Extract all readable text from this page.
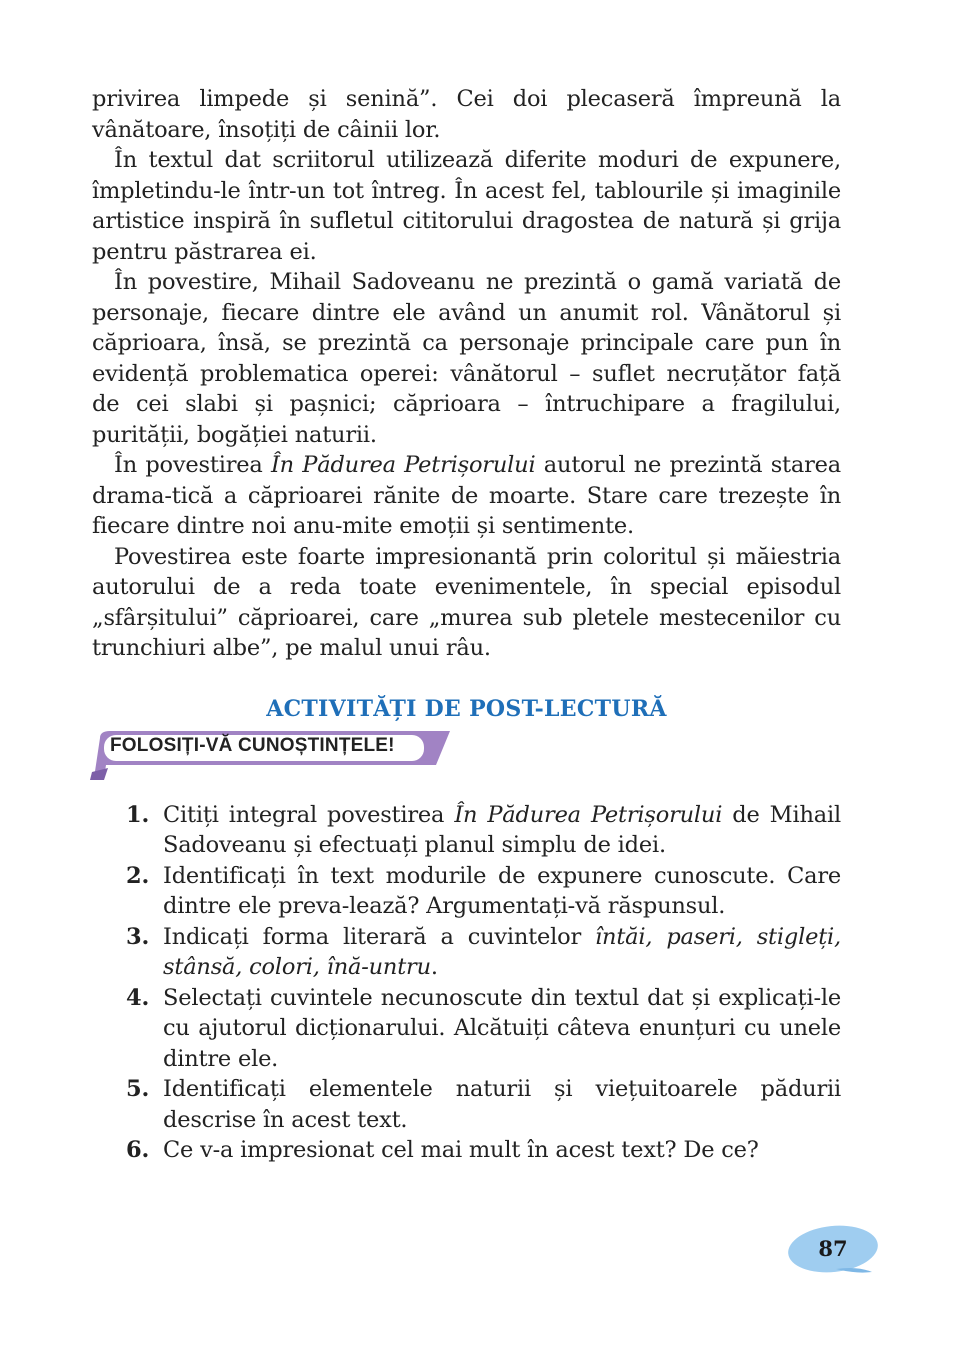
privirea limpede și senină”. Cei doi plecaseră împreună la vânătoare, însoțiți de câinii lor.

În textul dat scriitorul utilizează diferite moduri de expunere, împletindu-le într-un tot întreg. În acest fel, tablourile și imaginile artistice inspiră în sufletul cititorului dragostea de natură și grija pentru păstrarea ei.

În povestire, Mihail Sadoveanu ne prezintă o gamă variată de personaje, fiecare dintre ele având un anumit rol. Vânătorul și căprioara, însă, se prezintă ca personaje principale care pun în evidență problematica operei: vânătorul – suflet necruțător față de cei slabi și pașnici; căprioara – întruchipare a fragilului, purității, bogăției naturii.

În povestirea În Pădurea Petrișorului autorul ne prezintă starea drama-tică a căprioarei rănite de moarte. Stare care trezește în fiecare dintre noi anu-mite emoții și sentimente.

Povestirea este foarte impresionantă prin coloritul și măiestria autorului de a reda toate evenimentele, în special episodul „sfârșitului” căprioarei, care „murea sub pletele mestecenilor cu trunchiuri albe”, pe malul unui râu.

ACTIVITĂȚI DE POST-LECTURĂ
FOLOSIȚI-VĂ CUNOȘTINȚELE!
1. Citiți integral povestirea În Pădurea Petrișorului de Mihail Sadoveanu și efectuați planul simplu de idei.
2. Identificați în text modurile de expunere cunoscute. Care dintre ele preva-lează? Argumentați-vă răspunsul.
3. Indicați forma literară a cuvintelor întăi, paseri, stigleți, stânsă, colori, înă-untru.
4. Selectați cuvintele necunoscute din textul dat și explicați-le cu ajutorul dicționarului. Alcătuiți câteva enunțuri cu unele dintre ele.
5. Identificați elementele naturii și viețuitoarele pădurii descrise în acest text.
6. Ce v-a impresionat cel mai mult în acest text? De ce?
87
